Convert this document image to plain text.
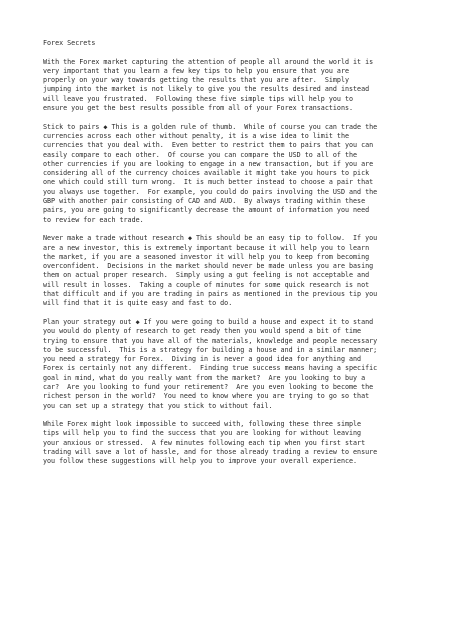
Forex Secrets
With the Forex market capturing the attention of people all around the world it is
very important that you learn a few key tips to help you ensure that you are
properly on your way towards getting the results that you are after.  Simply
jumping into the market is not likely to give you the results desired and instead
will leave you frustrated.  Following these five simple tips will help you to
ensure you get the best results possible from all of your Forex transactions.
Stick to pairs ◆ This is a golden rule of thumb.  While of course you can trade the
currencies across each other without penalty, it is a wise idea to limit the
currencies that you deal with.  Even better to restrict them to pairs that you can
easily compare to each other.  Of course you can compare the USD to all of the
other currencies if you are looking to engage in a new transaction, but if you are
considering all of the currency choices available it might take you hours to pick
one which could still turn wrong.  It is much better instead to choose a pair that
you always use together.  For example, you could do pairs involving the USD and the
GBP with another pair consisting of CAD and AUD.  By always trading within these
pairs, you are going to significantly decrease the amount of information you need
to review for each trade.
Never make a trade without research ◆ This should be an easy tip to follow.  If you
are a new investor, this is extremely important because it will help you to learn
the market, if you are a seasoned investor it will help you to keep from becoming
overconfident.  Decisions in the market should never be made unless you are basing
them on actual proper research.  Simply using a gut feeling is not acceptable and
will result in losses.  Taking a couple of minutes for some quick research is not
that difficult and if you are trading in pairs as mentioned in the previous tip you
will find that it is quite easy and fast to do.
Plan your strategy out ◆ If you were going to build a house and expect it to stand
you would do plenty of research to get ready then you would spend a bit of time
trying to ensure that you have all of the materials, knowledge and people necessary
to be successful.  This is a strategy for building a house and in a similar manner;
you need a strategy for Forex.  Diving in is never a good idea for anything and
Forex is certainly not any different.  Finding true success means having a specific
goal in mind, what do you really want from the market?  Are you looking to buy a
car?  Are you looking to fund your retirement?  Are you even looking to become the
richest person in the world?  You need to know where you are trying to go so that
you can set up a strategy that you stick to without fail.
While Forex might look impossible to succeed with, following these three simple
tips will help you to find the success that you are looking for without leaving
your anxious or stressed.  A few minutes following each tip when you first start
trading will save a lot of hassle, and for those already trading a review to ensure
you follow these suggestions will help you to improve your overall experience.
